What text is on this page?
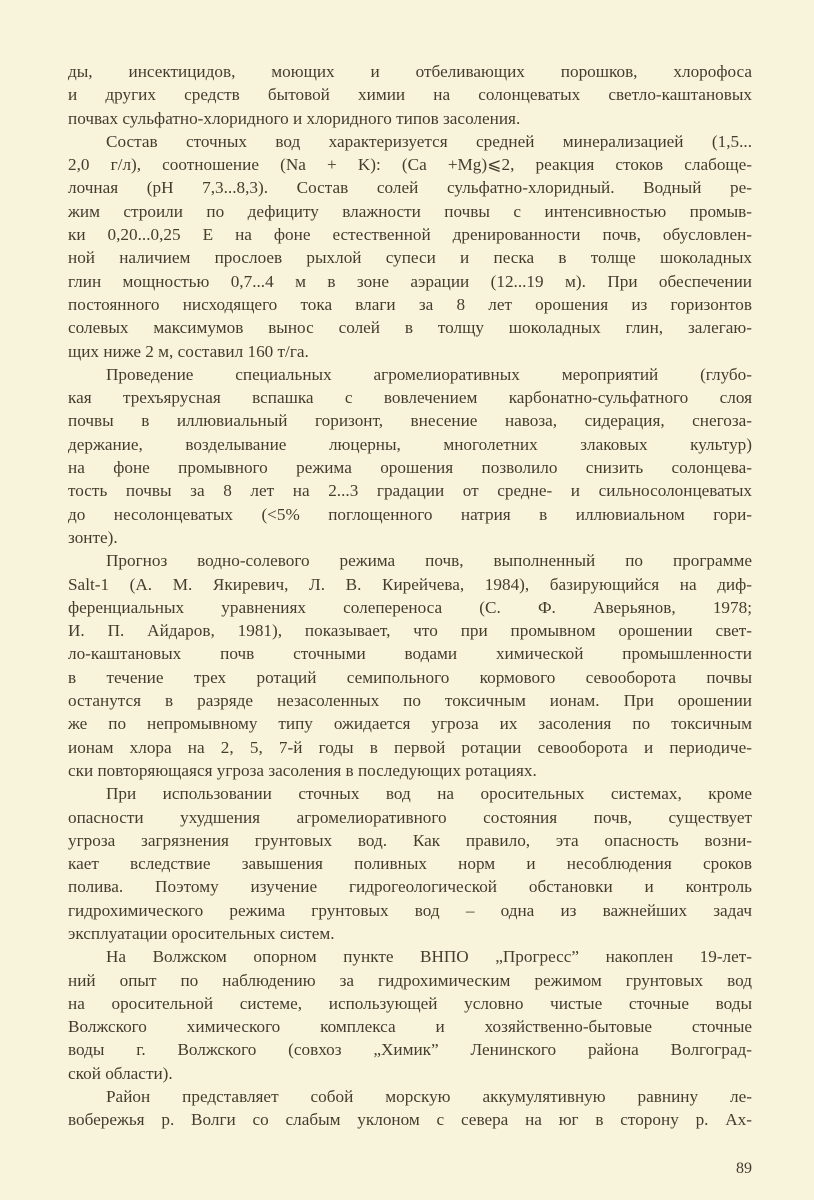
ды, инсектицидов, моющих и отбеливающих порошков, хлорофоса
и других средств бытовой химии на солонцеватых светло-каштановых
почвах сульфатно-хлоридного и хлоридного типов засоления.
Состав сточных вод характеризуется средней минерализацией (1,5...
2,0 г/л), соотношение (Na + K): (Ca +Mg)⩽2, реакция стоков слабоще-
лочная (pH 7,3...8,3). Состав солей сульфатно-хлоридный. Водный ре-
жим строили по дефициту влажности почвы с интенсивностью промыв-
ки 0,20...0,25 Е на фоне естественной дренированности почв, обусловлен-
ной наличием прослоев рыхлой супеси и песка в толще шоколадных
глин мощностью 0,7...4 м в зоне аэрации (12...19 м). При обеспечении
постоянного нисходящего тока влаги за 8 лет орошения из горизонтов
солевых максимумов вынос солей в толщу шоколадных глин, залегаю-
щих ниже 2 м, составил 160 т/га.
Проведение специальных агромелиоративных мероприятий (глубо-
кая трехъярусная вспашка с вовлечением карбонатно-сульфатного слоя
почвы в иллювиальный горизонт, внесение навоза, сидерация, снегоза-
держание, возделывание люцерны, многолетних злаковых культур)
на фоне промывного режима орошения позволило снизить солонцева-
тость почвы за 8 лет на 2...3 градации от средне- и сильносолонцеватых
до несолонцеватых (<5% поглощенного натрия в иллювиальном гори-
зонте).
Прогноз водно-солевого режима почв, выполненный по программе
Salt-1 (А. М. Якиревич, Л. В. Кирейчева, 1984), базирующийся на диф-
ференциальных уравнениях солепереноса (С. Ф. Аверьянов, 1978;
И. П. Айдаров, 1981), показывает, что при промывном орошении свет-
ло-каштановых почв сточными водами химической промышленности
в течение трех ротаций семипольного кормового севооборота почвы
останутся в разряде незасоленных по токсичным ионам. При орошении
же по непромывному типу ожидается угроза их засоления по токсичным
ионам хлора на 2, 5, 7-й годы в первой ротации севооборота и периодиче-
ски повторяющаяся угроза засоления в последующих ротациях.
При использовании сточных вод на оросительных системах, кроме
опасности ухудшения агромелиоративного состояния почв, существует
угроза загрязнения грунтовых вод. Как правило, эта опасность возни-
кает вследствие завышения поливных норм и несоблюдения сроков
полива. Поэтому изучение гидрогеологической обстановки и контроль
гидрохимического режима грунтовых вод – одна из важнейших задач
эксплуатации оросительных систем.
На Волжском опорном пункте ВНПО „Прогресс” накоплен 19-лет-
ний опыт по наблюдению за гидрохимическим режимом грунтовых вод
на оросительной системе, использующей условно чистые сточные воды
Волжского химического комплекса и хозяйственно-бытовые сточные
воды г. Волжского (совхоз „Химик” Ленинского района Волгоград-
ской области).
Район представляет собой морскую аккумулятивную равнину ле-
вобережья р. Волги со слабым уклоном с севера на юг в сторону р. Ах-
89
